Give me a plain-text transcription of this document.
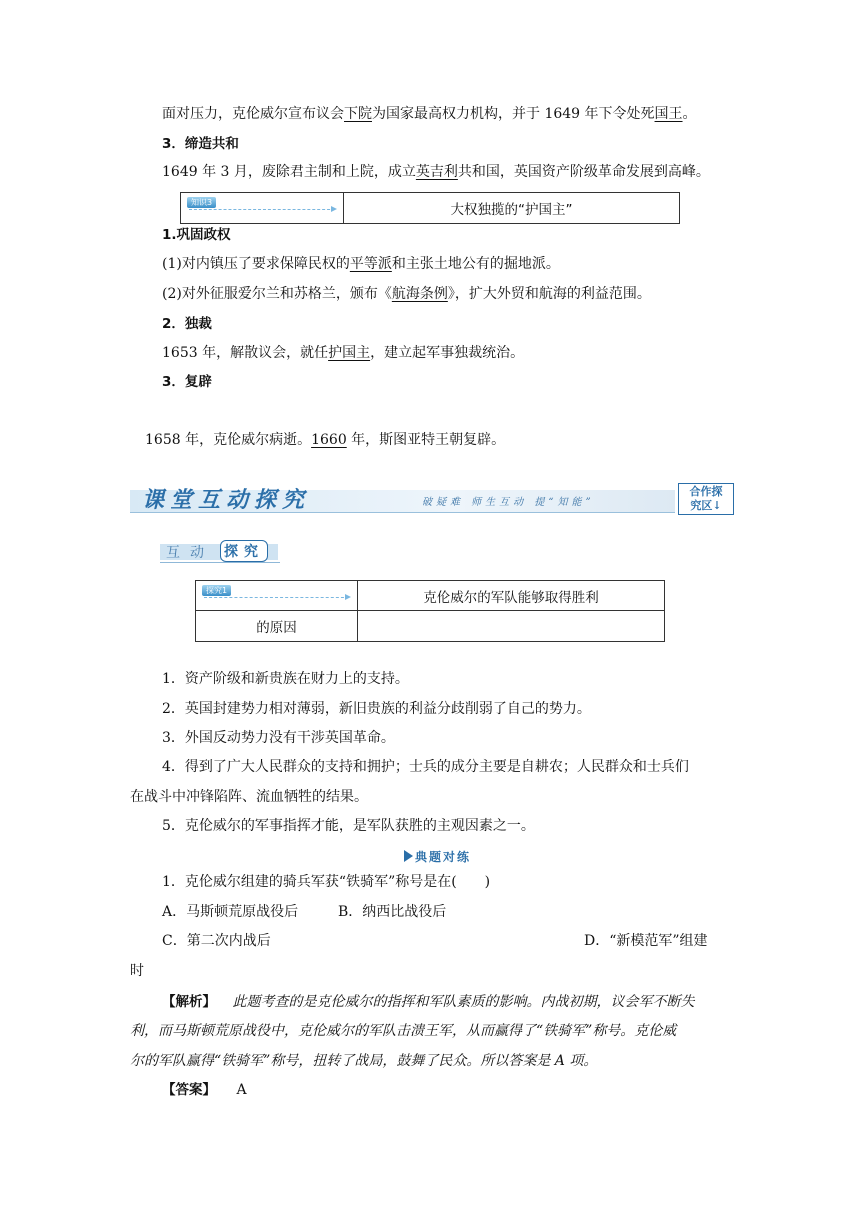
面对压力，克伦威尔宣布议会下院为国家最高权力机构，并于 1649 年下令处死国王。
3．缔造共和
1649 年 3 月，废除君主制和上院，成立英吉利共和国，英国资产阶级革命发展到高峰。
知识3	大权独揽的“护国主”
1.巩固政权
(1)对内镇压了要求保障民权的平等派和主张土地公有的掘地派。
(2)对外征服爱尔兰和苏格兰，颁布《航海条例》，扩大外贸和航海的利益范围。
2．独裁
1653 年，解散议会，就任护国主，建立起军事独裁统治。
3．复辟
1658 年，克伦威尔病逝。1660 年，斯图亚特王朝复辟。
课堂互动探究	破疑难 师生互动 提“知能”
合作探
究区↓
互动 探究
探究1	克伦威尔的军队能够取得胜利
的原因
1．资产阶级和新贵族在财力上的支持。
2．英国封建势力相对薄弱，新旧贵族的利益分歧削弱了自己的势力。
3．外国反动势力没有干涉英国革命。
4．得到了广大人民群众的支持和拥护；士兵的成分主要是自耕农；人民群众和士兵们
在战斗中冲锋陷阵、流血牺牲的结果。
5．克伦威尔的军事指挥才能，是军队获胜的主观因素之一。
典题对练
1．克伦威尔组建的骑兵军获“铁骑军”称号是在(　　)
A．马斯顿荒原战役后	B．纳西比战役后
C．第二次内战后	D．“新模范军”组建
时
【解析】 此题考查的是克伦威尔的指挥和军队素质的影响。内战初期，议会军不断失
利，而马斯顿荒原战役中，克伦威尔的军队击溃王军，从而赢得了“铁骑军”称号。克伦威
尔的军队赢得“铁骑军”称号，扭转了战局，鼓舞了民众。所以答案是 A 项。
【答案】 A
